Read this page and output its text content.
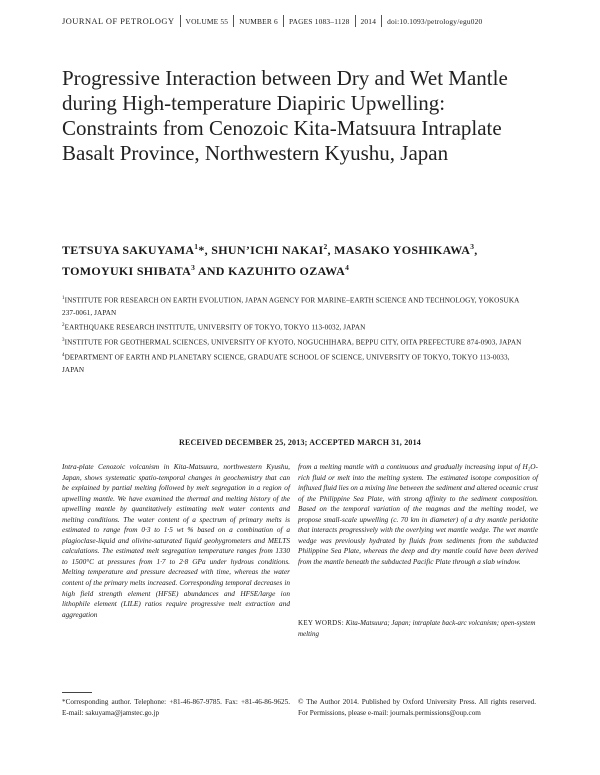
JOURNAL OF PETROLOGY	VOLUME 55	NUMBER 6	PAGES 1083–1128	2014	doi:10.1093/petrology/egu020
Progressive Interaction between Dry and Wet Mantle during High-temperature Diapiric Upwelling: Constraints from Cenozoic Kita-Matsuura Intraplate Basalt Province, Northwestern Kyushu, Japan

TETSUYA SAKUYAMA$^1$*, SHUN’ICHI NAKAI$^2$, MASAKO YOSHIKAWA$^3$, TOMOYUKI SHIBATA$^3$ AND KAZUHITO OZAWA$^4$

$^1$INSTITUTE FOR RESEARCH ON EARTH EVOLUTION, JAPAN AGENCY FOR MARINE–EARTH SCIENCE AND TECHNOLOGY, YOKOSUKA 237-0061, JAPAN

$^2$EARTHQUAKE RESEARCH INSTITUTE, UNIVERSITY OF TOKYO, TOKYO 113-0032, JAPAN

$^3$INSTITUTE FOR GEOTHERMAL SCIENCES, UNIVERSITY OF KYOTO, NOGUCHIHARA, BEPPU CITY, OITA PREFECTURE 874-0903, JAPAN

$^4$DEPARTMENT OF EARTH AND PLANETARY SCIENCE, GRADUATE SCHOOL OF SCIENCE, UNIVERSITY OF TOKYO, TOKYO 113-0033, JAPAN

RECEIVED DECEMBER 25, 2013; ACCEPTED MARCH 31, 2014

Intra-plate Cenozoic volcanism in Kita-Matsuura, northwestern Kyushu, Japan, shows systematic spatio-temporal changes in geochemistry that can be explained by partial melting followed by melt segregation in a region of upwelling mantle. We have examined the thermal and melting history of the upwelling mantle by quantitatively estimating melt water contents and melting conditions. The water content of a spectrum of primary melts is estimated to range from 0·3 to 1·5 wt % based on a combination of a plagioclase-liquid and olivine-saturated liquid geohygrometers and MELTS calculations. The estimated melt segregation temperature ranges from 1330 to 1500°C at pressures from 1·7 to 2·8 GPa under hydrous conditions. Melting temperature and pressure decreased with time, whereas the water content of the primary melts increased. Corresponding temporal decreases in high field strength element (HFSE) abundances and HFSE/large ion lithophile element (LILE) ratios require progressive melt extraction and aggregation

from a melting mantle with a continuous and gradually increasing input of H₂O-rich fluid or melt into the melting system. The estimated isotope composition of influxed fluid lies on a mixing line between the sediment and altered oceanic crust of the Philippine Sea Plate, with strong affinity to the sediment composition. Based on the temporal variation of the magmas and the melting model, we propose small-scale upwelling (c. 70 km in diameter) of a dry mantle peridotite that interacts progressively with the overlying wet mantle wedge. The wet mantle wedge was previously hydrated by fluids from sediments from the subducted Philippine Sea Plate, whereas the deep and dry mantle could have been derived from the mantle beneath the subducted Pacific Plate through a slab window.

KEY WORDS: Kita-Matsuura; Japan; intraplate back-arc volcanism; open-system melting
*Corresponding author. Telephone: +81-46-867-9785. Fax: +81-46-86-9625. E-mail: sakuyama@jamstec.go.jp
© The Author 2014. Published by Oxford University Press. All rights reserved. For Permissions, please e-mail: journals.permissions@oup.com
